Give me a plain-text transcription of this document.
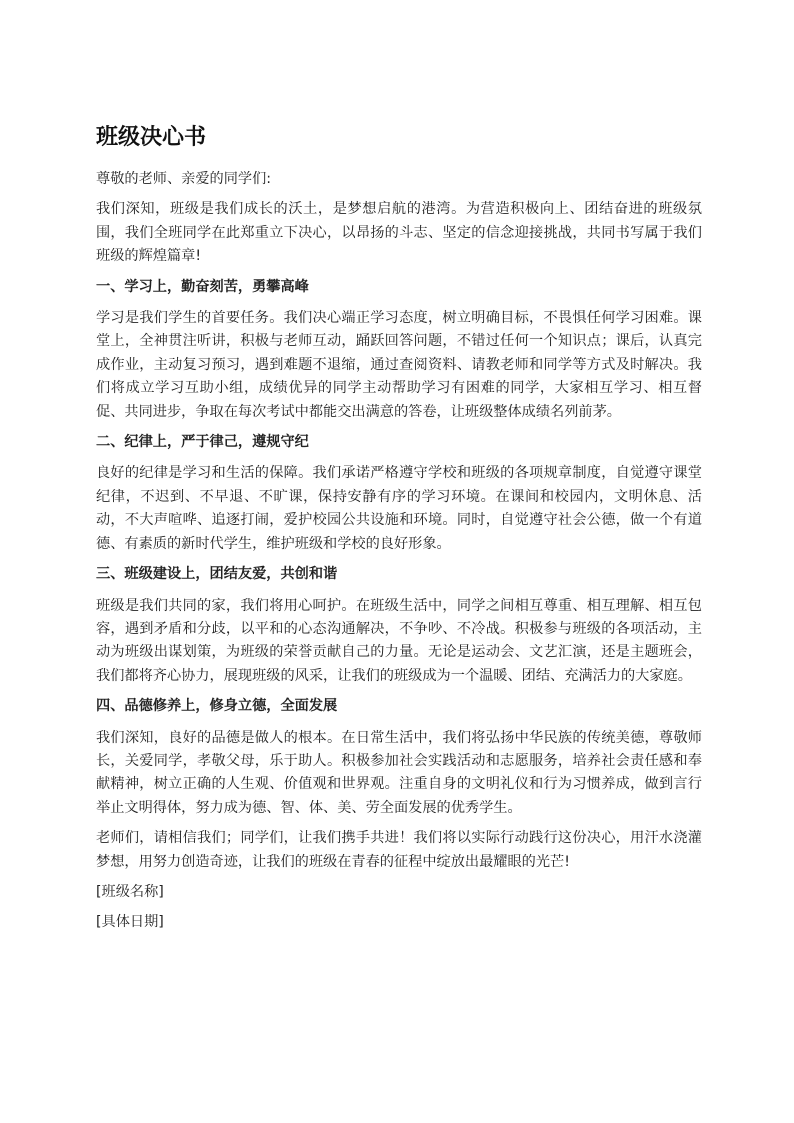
班级决心书

尊敬的老师、亲爱的同学们:

我们深知，班级是我们成长的沃土，是梦想启航的港湾。为营造积极向上、团结奋进的班级氛围，我们全班同学在此郑重立下决心，以昂扬的斗志、坚定的信念迎接挑战，共同书写属于我们班级的辉煌篇章!

一、学习上，勤奋刻苦，勇攀高峰

学习是我们学生的首要任务。我们决心端正学习态度，树立明确目标，不畏惧任何学习困难。课堂上，全神贯注听讲，积极与老师互动，踊跃回答问题，不错过任何一个知识点；课后，认真完成作业，主动复习预习，遇到难题不退缩，通过查阅资料、请教老师和同学等方式及时解决。我们将成立学习互助小组，成绩优异的同学主动帮助学习有困难的同学，大家相互学习、相互督促、共同进步，争取在每次考试中都能交出满意的答卷，让班级整体成绩名列前茅。

二、纪律上，严于律己，遵规守纪

良好的纪律是学习和生活的保障。我们承诺严格遵守学校和班级的各项规章制度，自觉遵守课堂纪律，不迟到、不早退、不旷课，保持安静有序的学习环境。在课间和校园内，文明休息、活动，不大声喧哗、追逐打闹，爱护校园公共设施和环境。同时，自觉遵守社会公德，做一个有道德、有素质的新时代学生，维护班级和学校的良好形象。

三、班级建设上，团结友爱，共创和谐

班级是我们共同的家，我们将用心呵护。在班级生活中，同学之间相互尊重、相互理解、相互包容，遇到矛盾和分歧，以平和的心态沟通解决，不争吵、不冷战。积极参与班级的各项活动，主动为班级出谋划策，为班级的荣誉贡献自己的力量。无论是运动会、文艺汇演，还是主题班会，我们都将齐心协力，展现班级的风采，让我们的班级成为一个温暖、团结、充满活力的大家庭。

四、品德修养上，修身立德，全面发展

我们深知，良好的品德是做人的根本。在日常生活中，我们将弘扬中华民族的传统美德，尊敬师长，关爱同学，孝敬父母，乐于助人。积极参加社会实践活动和志愿服务，培养社会责任感和奉献精神，树立正确的人生观、价值观和世界观。注重自身的文明礼仪和行为习惯养成，做到言行举止文明得体，努力成为德、智、体、美、劳全面发展的优秀学生。

老师们，请相信我们；同学们，让我们携手共进！我们将以实际行动践行这份决心，用汗水浇灌梦想，用努力创造奇迹，让我们的班级在青春的征程中绽放出最耀眼的光芒!

[班级名称]

[具体日期]
